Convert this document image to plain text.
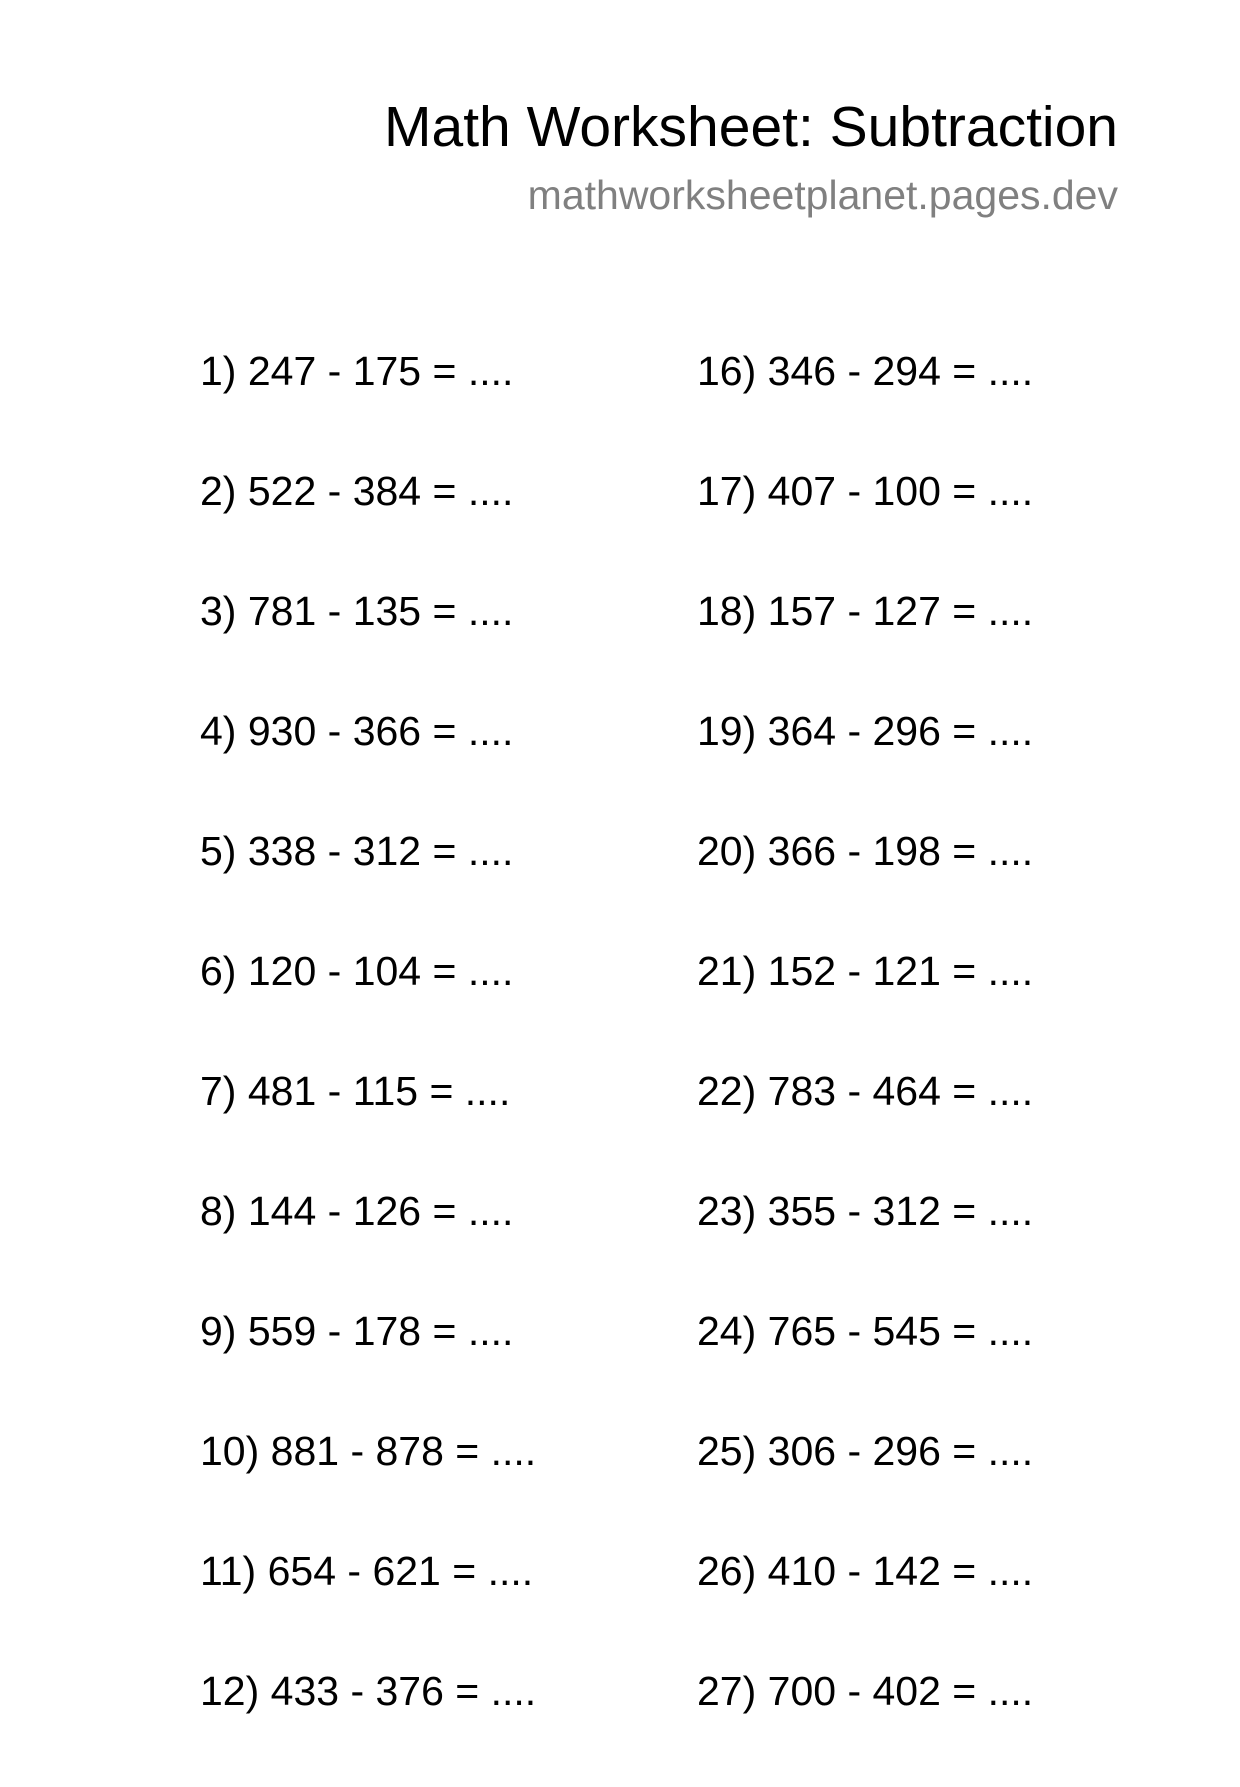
Math Worksheet: Subtraction
mathworksheetplanet.pages.dev
1) 247 - 175 = ....
2) 522 - 384 = ....
3) 781 - 135 = ....
4) 930 - 366 = ....
5) 338 - 312 = ....
6) 120 - 104 = ....
7) 481 - 115 = ....
8) 144 - 126 = ....
9) 559 - 178 = ....
10) 881 - 878 = ....
11) 654 - 621 = ....
12) 433 - 376 = ....
16) 346 - 294 = ....
17) 407 - 100 = ....
18) 157 - 127 = ....
19) 364 - 296 = ....
20) 366 - 198 = ....
21) 152 - 121 = ....
22) 783 - 464 = ....
23) 355 - 312 = ....
24) 765 - 545 = ....
25) 306 - 296 = ....
26) 410 - 142 = ....
27) 700 - 402 = ....
